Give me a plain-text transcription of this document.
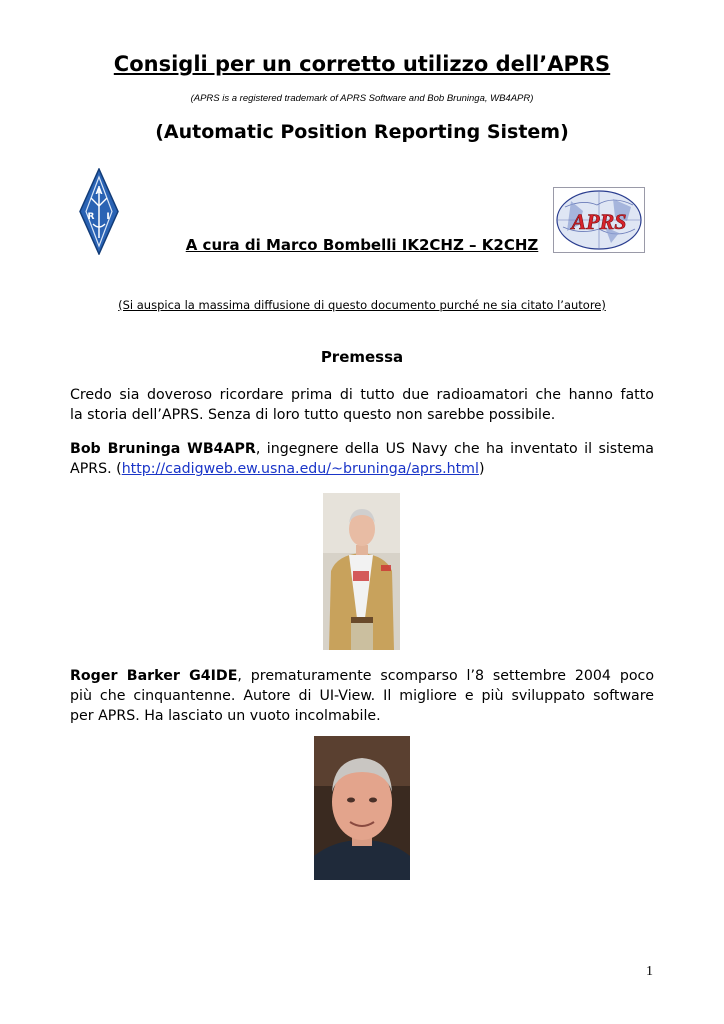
Consigli per un corretto utilizzo dell’APRS
(APRS is a registered trademark of APRS Software and Bob Bruninga, WB4APR)
(Automatic Position Reporting Sistem)
A
R I	APRS
A cura di Marco Bombelli IK2CHZ – K2CHZ
(Si auspica la massima diffusione di questo documento purché ne sia citato l’autore)
Premessa
Credo sia doveroso ricordare prima di tutto due radioamatori che hanno fatto
la storia dell’APRS. Senza di loro tutto questo non sarebbe possibile.
Bob Bruninga WB4APR, ingegnere della US Navy che ha inventato il sistema
APRS. (http://cadigweb.ew.usna.edu/~bruninga/aprs.html)
Roger Barker G4IDE, prematuramente scomparso l’8 settembre 2004 poco
più che cinquantenne. Autore di UI-View. Il migliore e più sviluppato software
per APRS. Ha lasciato un vuoto incolmabile.
1
